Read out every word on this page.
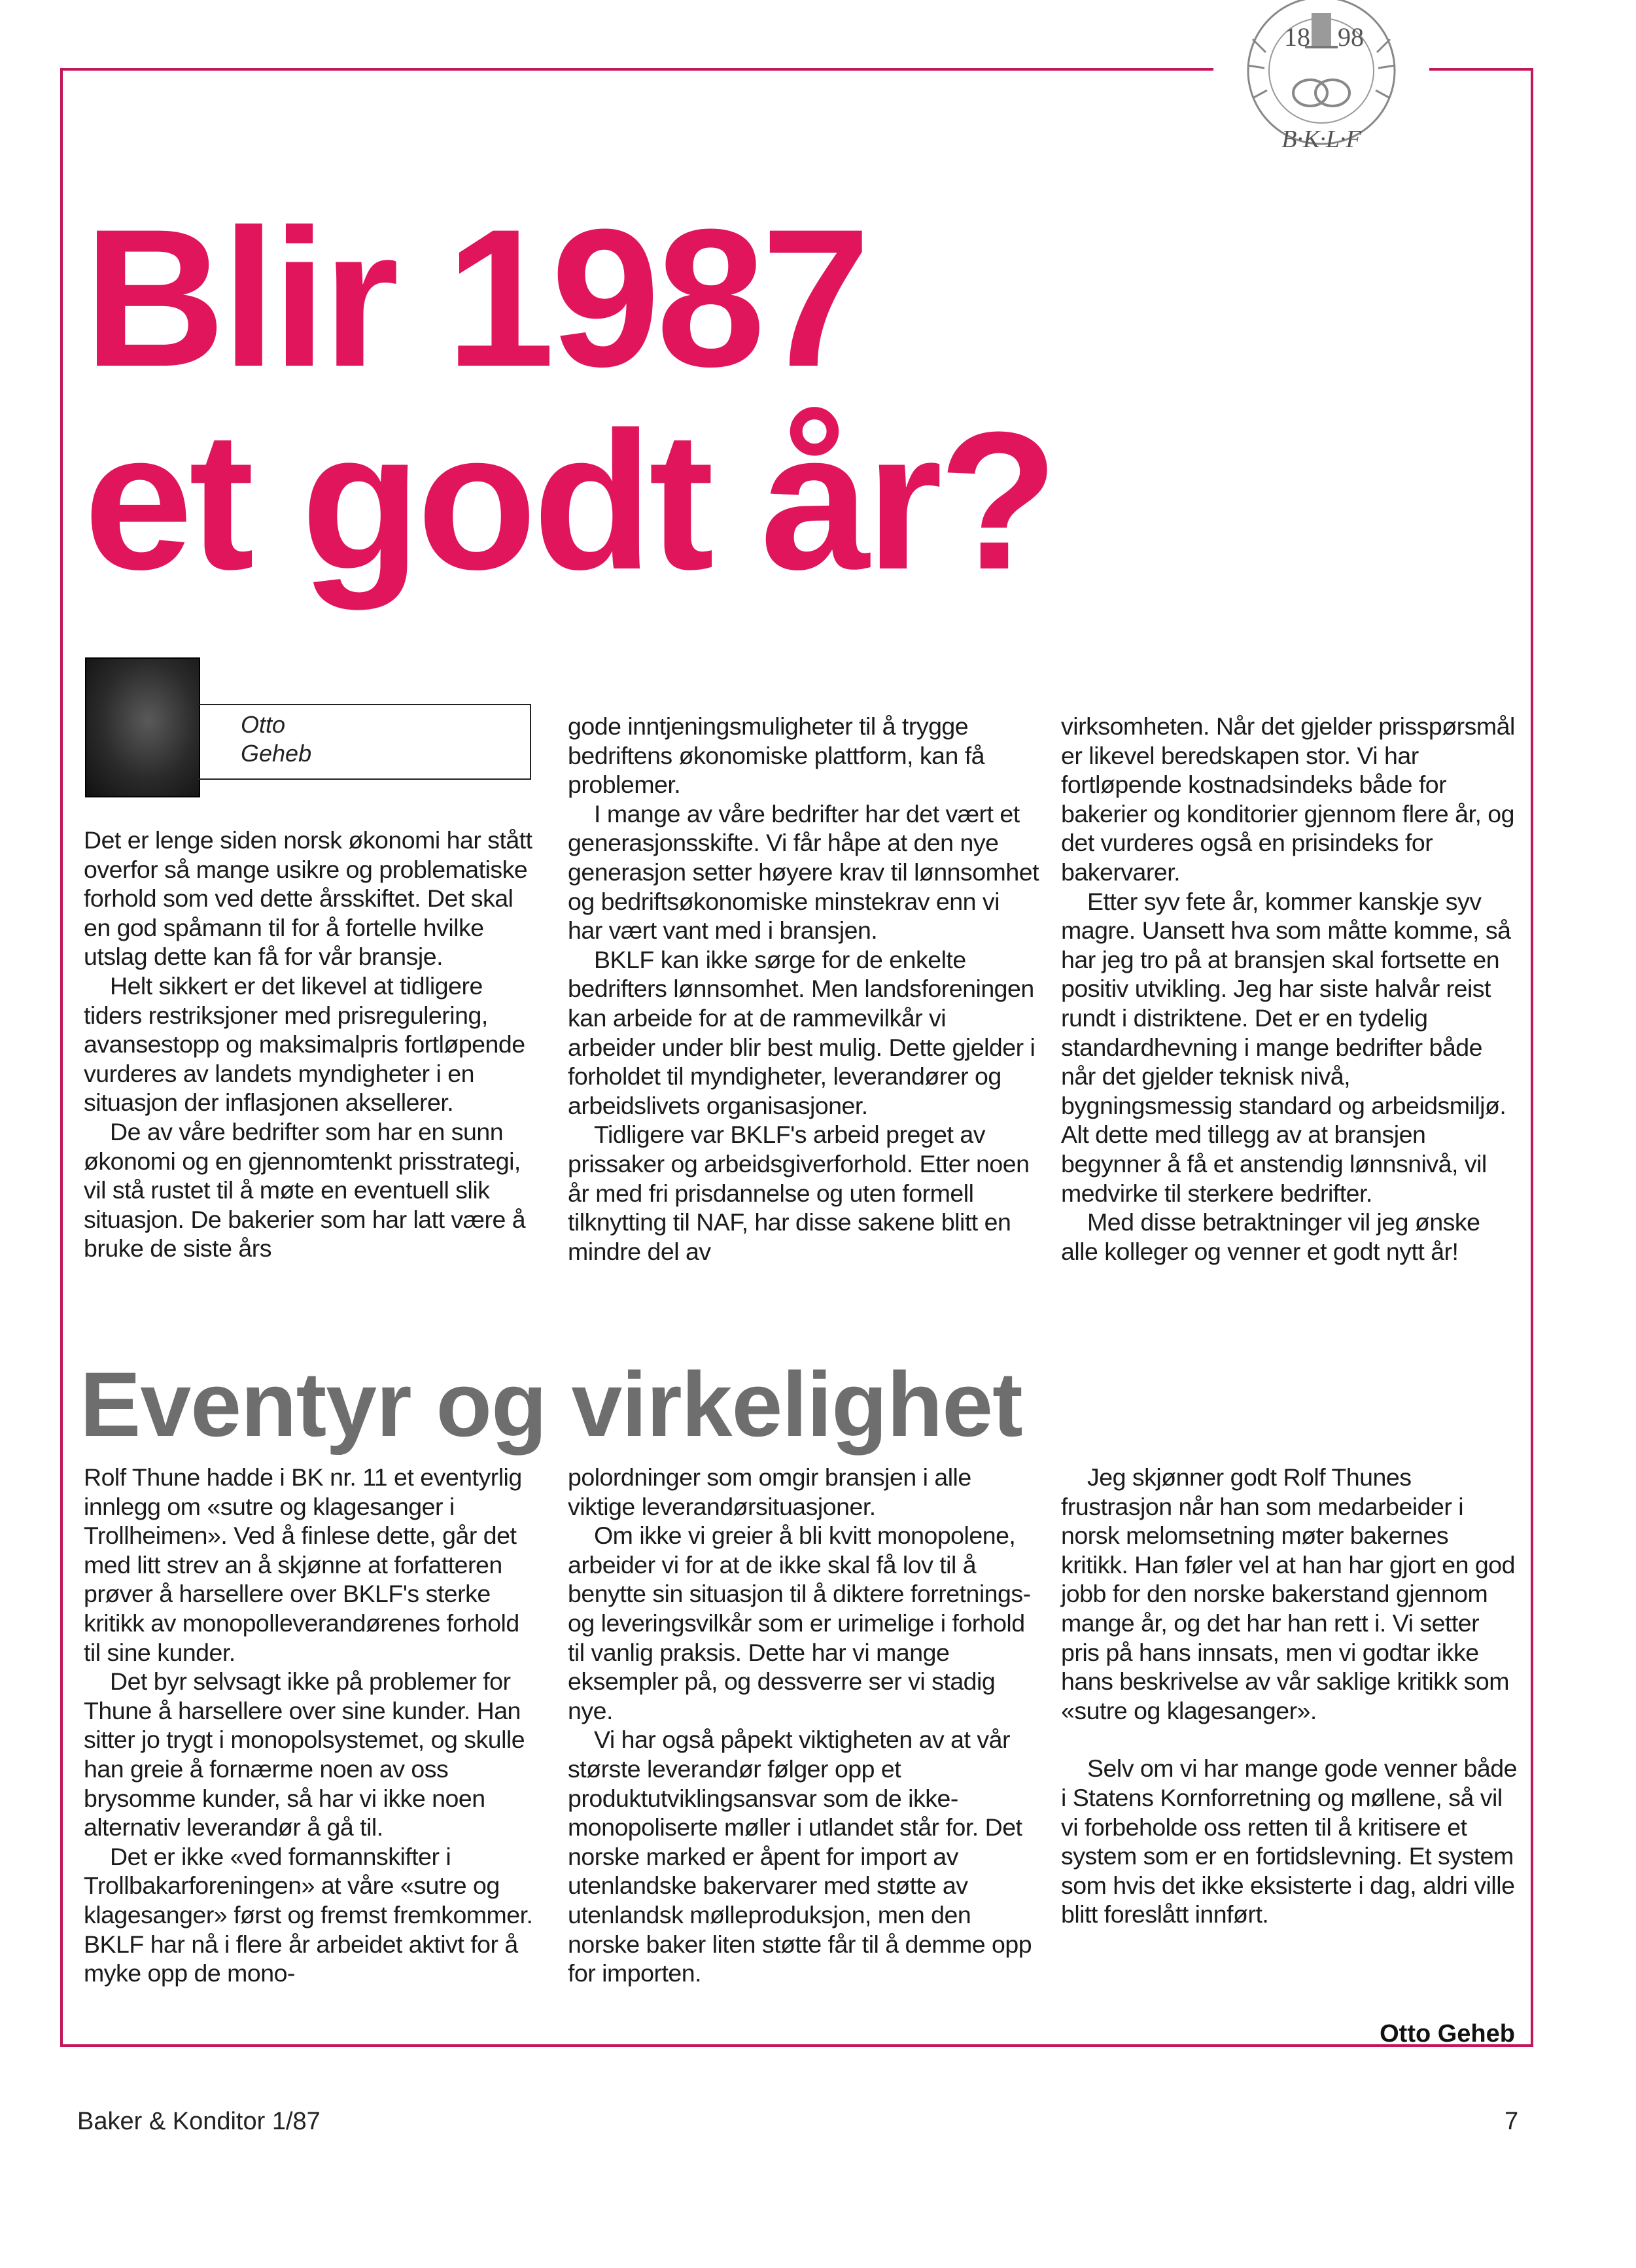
18 98
B·K·L·F
Blir 1987
et godt år?
Otto
Geheb

Det er lenge siden norsk økonomi har stått overfor så mange usikre og problematiske forhold som ved dette årsskiftet. Det skal en god spåmann til for å fortelle hvilke utslag dette kan få for vår bransje.

Helt sikkert er det likevel at tidligere tiders restriksjoner med prisregulering, avansestopp og maksimalpris fortløpende vurderes av landets myndigheter i en situasjon der inflasjonen aksellerer.

De av våre bedrifter som har en sunn økonomi og en gjennomtenkt prisstrategi, vil stå rustet til å møte en eventuell slik situasjon. De bakerier som har latt være å bruke de siste års

gode inntjeningsmuligheter til å trygge bedriftens økonomiske plattform, kan få problemer.

I mange av våre bedrifter har det vært et generasjonsskifte. Vi får håpe at den nye generasjon setter høyere krav til lønnsomhet og bedriftsøkonomiske minstekrav enn vi har vært vant med i bransjen.

BKLF kan ikke sørge for de enkelte bedrifters lønnsomhet. Men landsforeningen kan arbeide for at de rammevilkår vi arbeider under blir best mulig. Dette gjelder i forholdet til myndigheter, leverandører og arbeidslivets organisasjoner.

Tidligere var BKLF's arbeid preget av prissaker og arbeidsgiverforhold. Etter noen år med fri prisdannelse og uten formell tilknytting til NAF, har disse sakene blitt en mindre del av

virksomheten. Når det gjelder prisspørsmål er likevel beredskapen stor. Vi har fortløpende kostnadsindeks både for bakerier og konditorier gjennom flere år, og det vurderes også en prisindeks for bakervarer.

Etter syv fete år, kommer kanskje syv magre. Uansett hva som måtte komme, så har jeg tro på at bransjen skal fortsette en positiv utvikling. Jeg har siste halvår reist rundt i distriktene. Det er en tydelig standardhevning i mange bedrifter både når det gjelder teknisk nivå, bygningsmessig standard og arbeidsmiljø. Alt dette med tillegg av at bransjen begynner å få et anstendig lønnsnivå, vil medvirke til sterkere bedrifter.

Med disse betraktninger vil jeg ønske alle kolleger og venner et godt nytt år!

Eventyr og virkelighet

Rolf Thune hadde i BK nr. 11 et eventyrlig innlegg om «sutre og klagesanger i Trollheimen». Ved å finlese dette, går det med litt strev an å skjønne at forfatteren prøver å harsellere over BKLF's sterke kritikk av monopolleverandørenes forhold til sine kunder.

Det byr selvsagt ikke på problemer for Thune å harsellere over sine kunder. Han sitter jo trygt i monopolsystemet, og skulle han greie å fornærme noen av oss brysomme kunder, så har vi ikke noen alternativ leverandør å gå til.

Det er ikke «ved formannskifter i Trollbakarforeningen» at våre «sutre og klagesanger» først og fremst fremkommer. BKLF har nå i flere år arbeidet aktivt for å myke opp de mono-

polordninger som omgir bransjen i alle viktige leverandørsituasjoner.

Om ikke vi greier å bli kvitt monopolene, arbeider vi for at de ikke skal få lov til å benytte sin situasjon til å diktere forretnings- og leveringsvilkår som er urimelige i forhold til vanlig praksis. Dette har vi mange eksempler på, og dessverre ser vi stadig nye.

Vi har også påpekt viktigheten av at vår største leverandør følger opp et produktutviklingsansvar som de ikke-monopoliserte møller i utlandet står for. Det norske marked er åpent for import av utenlandske bakervarer med støtte av utenlandsk mølleproduksjon, men den norske baker liten støtte får til å demme opp for importen.

Jeg skjønner godt Rolf Thunes frustrasjon når han som medarbeider i norsk melomsetning møter bakernes kritikk. Han føler vel at han har gjort en god jobb for den norske bakerstand gjennom mange år, og det har han rett i. Vi setter pris på hans innsats, men vi godtar ikke hans beskrivelse av vår saklige kritikk som «sutre og klagesanger».

Selv om vi har mange gode venner både i Statens Kornforretning og møllene, så vil vi forbeholde oss retten til å kritisere et system som er en fortidslevning. Et system som hvis det ikke eksisterte i dag, aldri ville blitt foreslått innført.

Otto Geheb
Baker & Konditor 1/87	7
